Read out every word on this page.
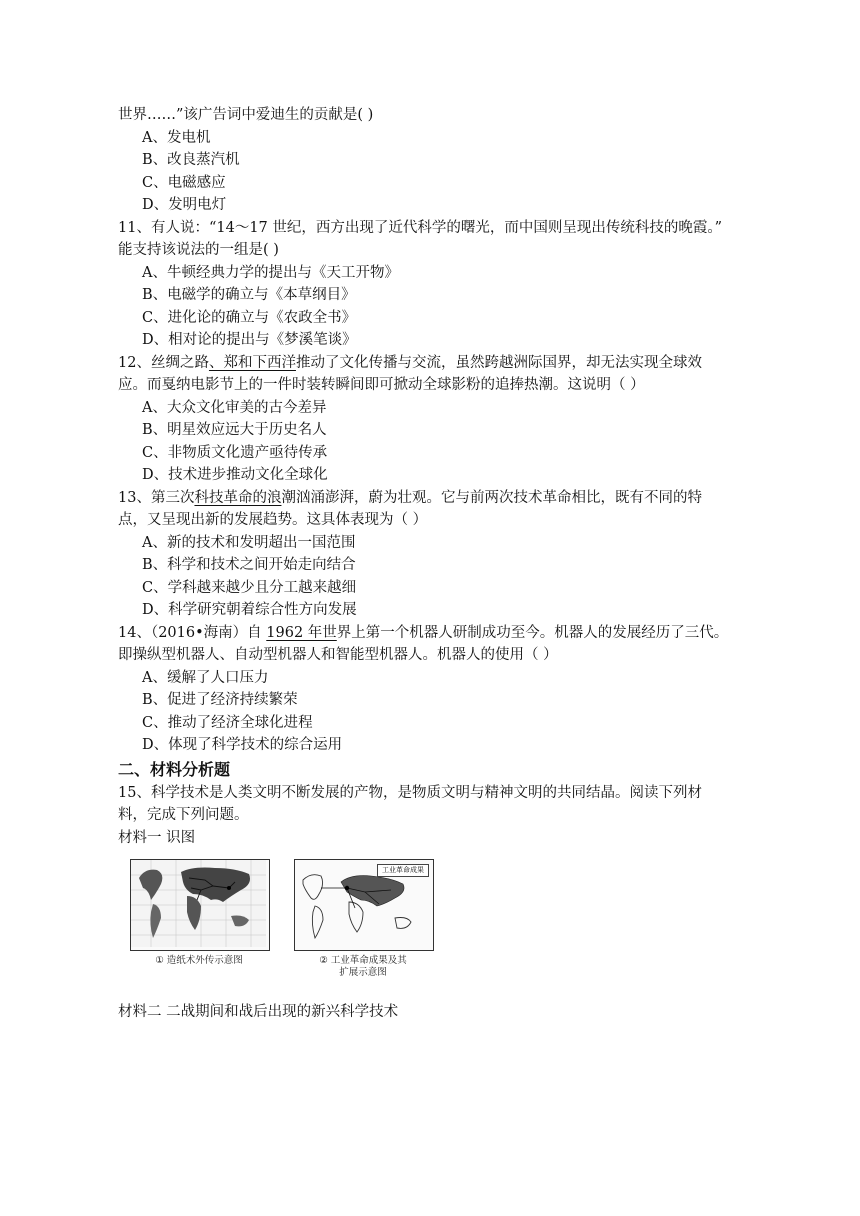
世界……”该广告词中爱迪生的贡献是( )
A、发电机
B、改良蒸汽机
C、电磁感应
D、发明电灯
11、有人说：“14～17 世纪，西方出现了近代科学的曙光，而中国则呈现出传统科技的晚霞。”
能支持该说法的一组是( )
A、牛顿经典力学的提出与《天工开物》
B、电磁学的确立与《本草纲目》
C、进化论的确立与《农政全书》
D、相对论的提出与《梦溪笔谈》
12、丝绸之路、郑和下西洋推动了文化传播与交流，虽然跨越洲际国界，却无法实现全球效
应。而戛纳电影节上的一件时装转瞬间即可掀动全球影粉的追捧热潮。这说明（ ）
A、大众文化审美的古今差异
B、明星效应远大于历史名人
C、非物质文化遗产亟待传承
D、技术进步推动文化全球化
13、第三次科技革命的浪潮汹涌澎湃，蔚为壮观。它与前两次技术革命相比，既有不同的特
点，又呈现出新的发展趋势。这具体表现为（ ）
A、新的技术和发明超出一国范围
B、科学和技术之间开始走向结合
C、学科越来越少且分工越来越细
D、科学研究朝着综合性方向发展
14、（2016•海南）自 1962 年世界上第一个机器人研制成功至今。机器人的发展经历了三代。
即操纵型机器人、自动型机器人和智能型机器人。机器人的使用（ ）
A、缓解了人口压力
B、促进了经济持续繁荣
C、推动了经济全球化进程
D、体现了科学技术的综合运用
二、材料分析题
15、科学技术是人类文明不断发展的产物，是物质文明与精神文明的共同结晶。阅读下列材
料，完成下列问题。
材料一 识图
① 造纸术外传示意图
工业革命成果
② 工业革命成果及其
扩展示意图
材料二 二战期间和战后出现的新兴科学技术
